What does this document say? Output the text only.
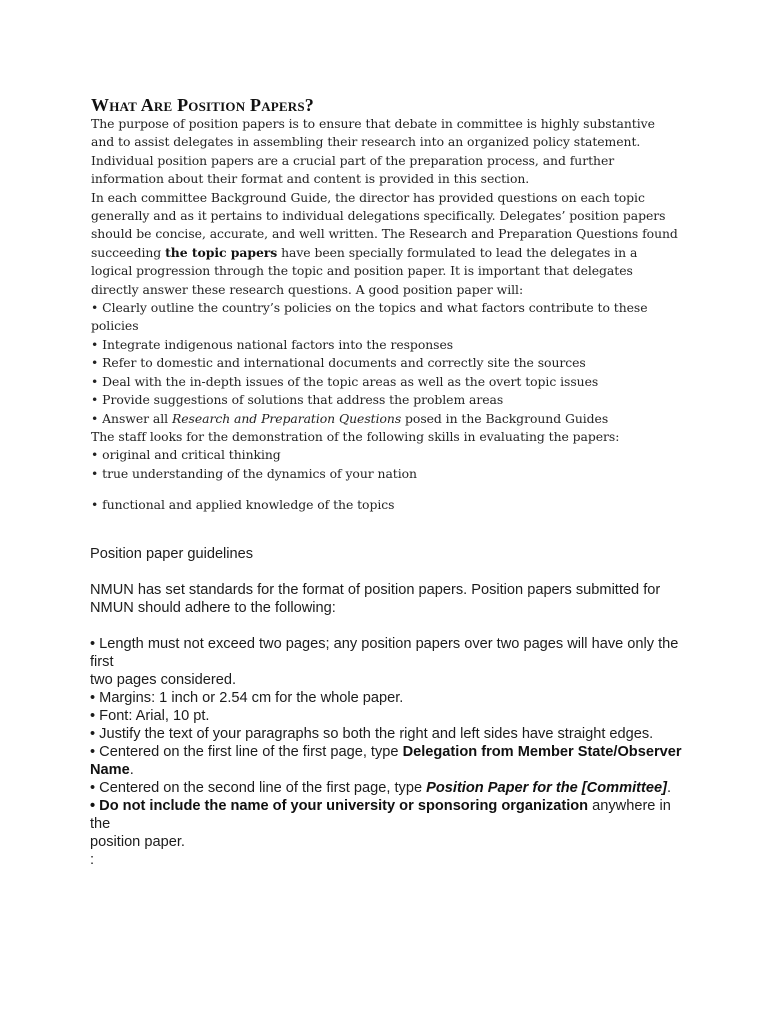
What Are Position Papers?

The purpose of position papers is to ensure that debate in committee is highly substantive and to assist delegates in assembling their research into an organized policy statement. Individual position papers are a crucial part of the preparation process, and further information about their format and content is provided in this section.

In each committee Background Guide, the director has provided questions on each topic generally and as it pertains to individual delegations specifically. Delegates’ position papers should be concise, accurate, and well written. The Research and Preparation Questions found succeeding the topic papers have been specially formulated to lead the delegates in a logical progression through the topic and position paper. It is important that delegates directly answer these research questions. A good position paper will:

• Clearly outline the country’s policies on the topics and what factors contribute to these
policies
• Integrate indigenous national factors into the responses
• Refer to domestic and international documents and correctly site the sources
• Deal with the in-depth issues of the topic areas as well as the overt topic issues
• Provide suggestions of solutions that address the problem areas
• Answer all Research and Preparation Questions posed in the Background Guides

The staff looks for the demonstration of the following skills in evaluating the papers:

• original and critical thinking
• true understanding of the dynamics of your nation
• functional and applied knowledge of the topics

Position paper guidelines

NMUN has set standards for the format of position papers. Position papers submitted for NMUN should adhere to the following:

• Length must not exceed two pages; any position papers over two pages will have only the first

two pages considered.

• Margins: 1 inch or 2.54 cm for the whole paper.

• Font: Arial, 10 pt.

• Justify the text of your paragraphs so both the right and left sides have straight edges.

• Centered on the first line of the first page, type Delegation from Member State/Observer Name.

• Centered on the second line of the first page, type Position Paper for the [Committee].

• Do not include the name of your university or sponsoring organization anywhere in the

position paper.

:
